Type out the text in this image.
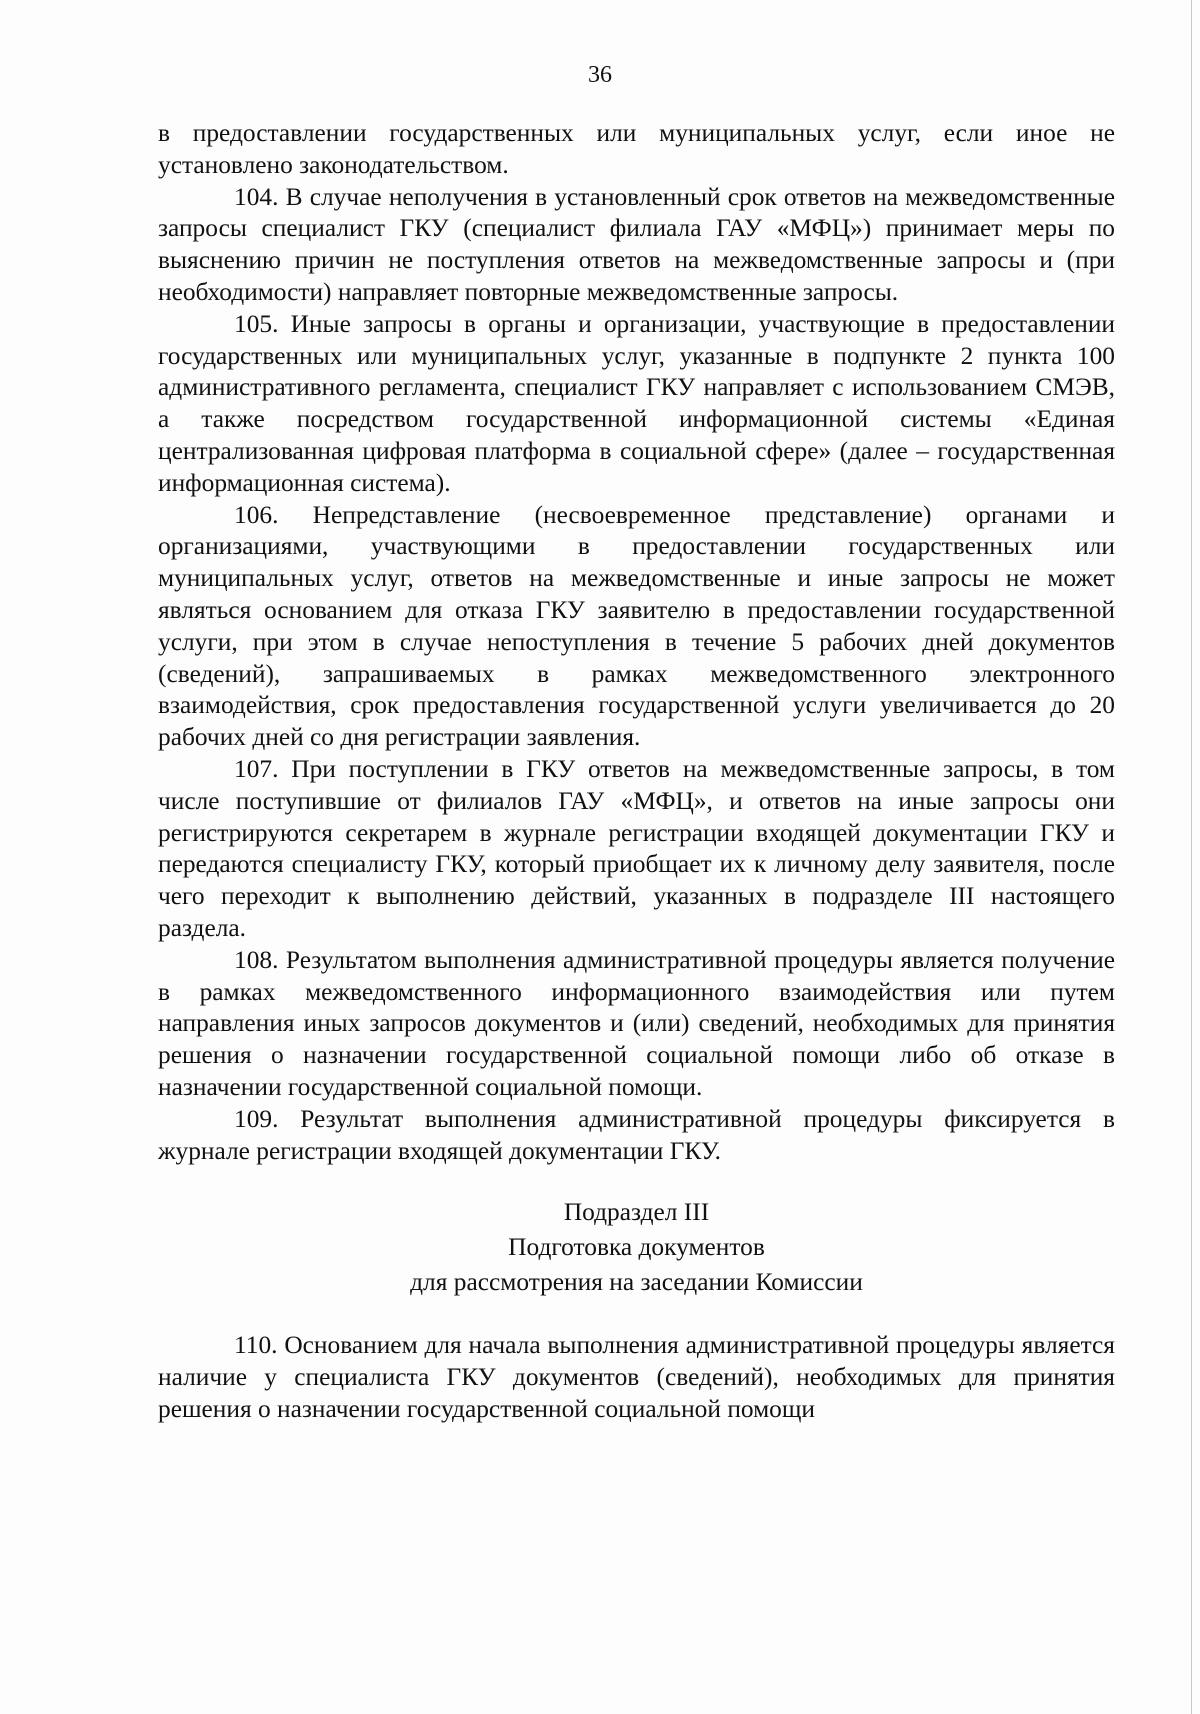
36

в предоставлении государственных или муниципальных услуг, если иное не установлено законодательством.

104. В случае неполучения в установленный срок ответов на межведомственные запросы специалист ГКУ (специалист филиала ГАУ «МФЦ») принимает меры по выяснению причин не поступления ответов на межведомственные запросы и (при необходимости) направляет повторные межведомственные запросы.

105. Иные запросы в органы и организации, участвующие в предоставлении государственных или муниципальных услуг, указанные в подпункте 2 пункта 100 административного регламента, специалист ГКУ направляет с использованием СМЭВ, а также посредством государственной информационной системы «Единая централизованная цифровая платформа в социальной сфере» (далее – государственная информационная система).

106. Непредставление (несвоевременное представление) органами и организациями, участвующими в предоставлении государственных или муниципальных услуг, ответов на межведомственные и иные запросы не может являться основанием для отказа ГКУ заявителю в предоставлении государственной услуги, при этом в случае непоступления в течение 5 рабочих дней документов (сведений), запрашиваемых в рамках межведомственного электронного взаимодействия, срок предоставления государственной услуги увеличивается до 20 рабочих дней со дня регистрации заявления.

107. При поступлении в ГКУ ответов на межведомственные запросы, в том числе поступившие от филиалов ГАУ «МФЦ», и ответов на иные запросы они регистрируются секретарем в журнале регистрации входящей документации ГКУ и передаются специалисту ГКУ, который приобщает их к личному делу заявителя, после чего переходит к выполнению действий, указанных в подразделе III настоящего раздела.

108. Результатом выполнения административной процедуры является получение в рамках межведомственного информационного взаимодействия или путем направления иных запросов документов и (или) сведений, необходимых для принятия решения о назначении государственной социальной помощи либо об отказе в назначении государственной социальной помощи.

109. Результат выполнения административной процедуры фиксируется в журнале регистрации входящей документации ГКУ.

Подраздел III
Подготовка документов
для рассмотрения на заседании Комиссии

110. Основанием для начала выполнения административной процедуры является наличие у специалиста ГКУ документов (сведений), необходимых для принятия решения о назначении государственной социальной помощи
